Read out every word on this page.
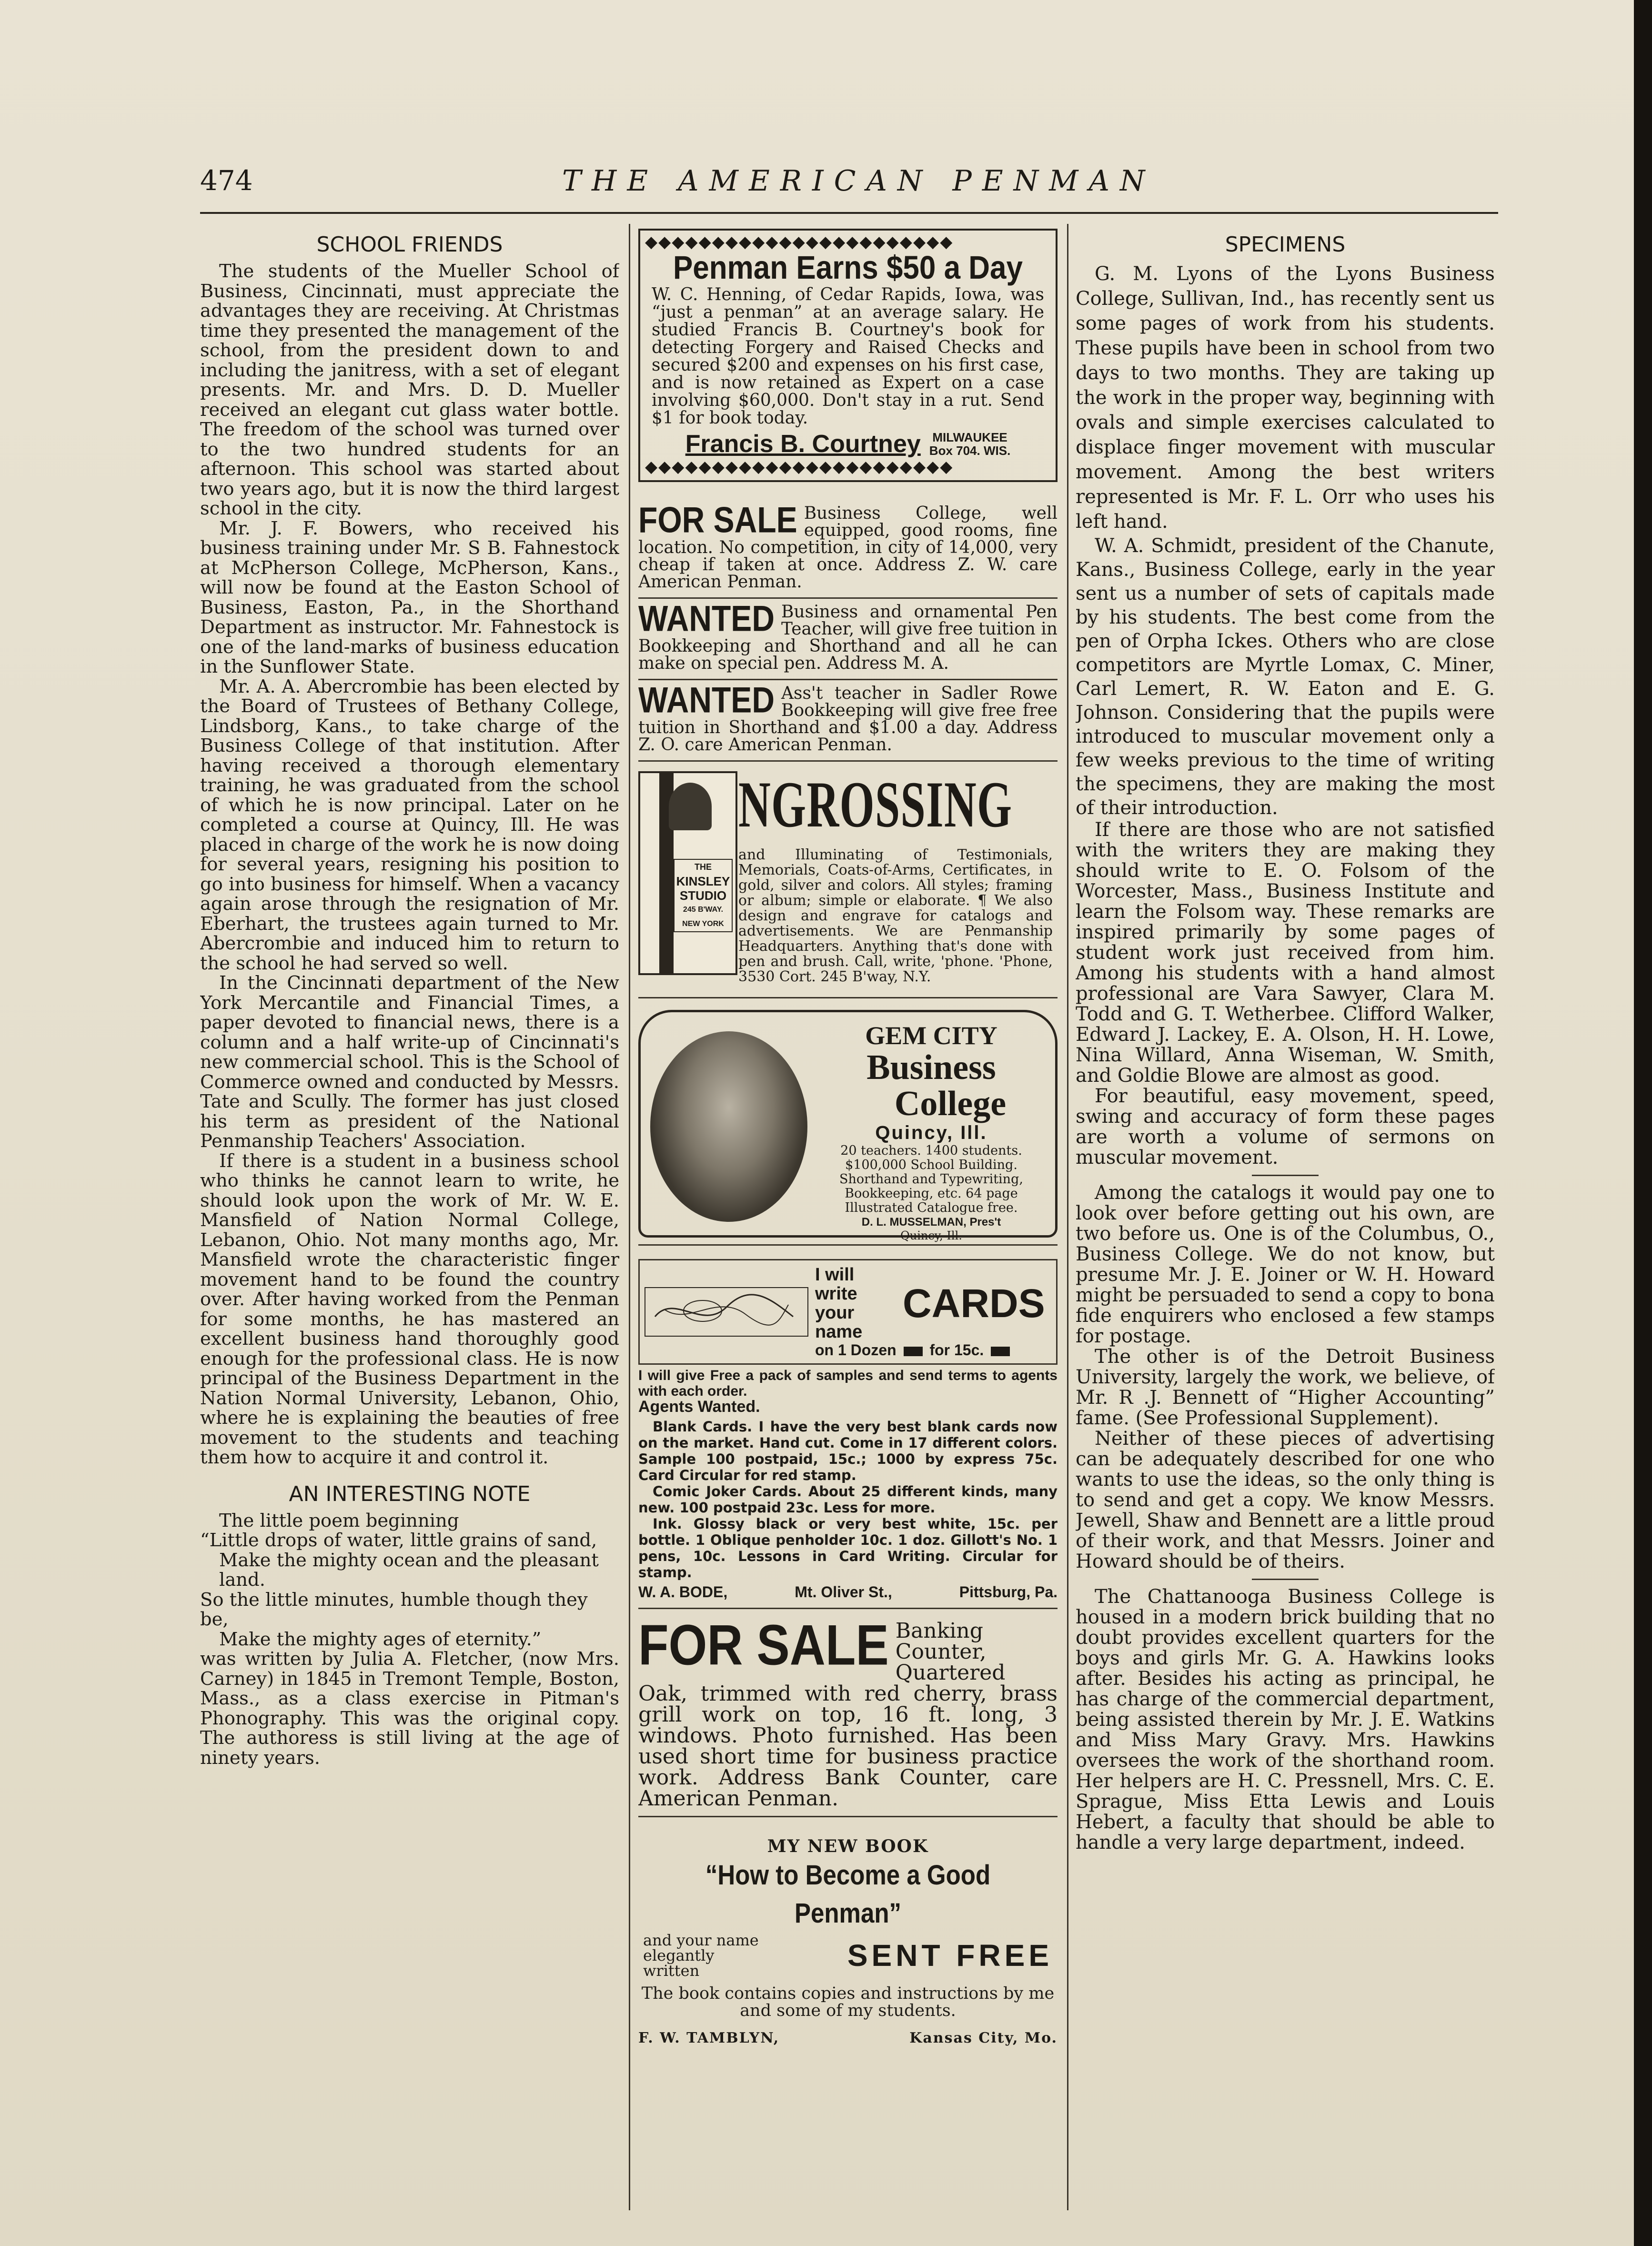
474	THE AMERICAN PENMAN
SCHOOL FRIENDS

The students of the Mueller School of Business, Cincinnati, must appreciate the advantages they are receiving. At Christmas time they presented the management of the school, from the president down to and including the janitress, with a set of elegant presents. Mr. and Mrs. D. D. Mueller received an elegant cut glass water bottle. The freedom of the school was turned over to the two hundred students for an afternoon. This school was started about two years ago, but it is now the third largest school in the city.

Mr. J. F. Bowers, who received his business training under Mr. S B. Fahnestock at McPherson College, McPherson, Kans., will now be found at the Easton School of Business, Easton, Pa., in the Shorthand Department as instructor. Mr. Fahnestock is one of the land-marks of business education in the Sunflower State.

Mr. A. A. Abercrombie has been elected by the Board of Trustees of Bethany College, Lindsborg, Kans., to take charge of the Business College of that institution. After having received a thorough elementary training, he was graduated from the school of which he is now principal. Later on he completed a course at Quincy, Ill. He was placed in charge of the work he is now doing for several years, resigning his position to go into business for himself. When a vacancy again arose through the resignation of Mr. Eberhart, the trustees again turned to Mr. Abercrombie and induced him to return to the school he had served so well.

In the Cincinnati department of the New York Mercantile and Financial Times, a paper devoted to financial news, there is a column and a half write-up of Cincinnati's new commercial school. This is the School of Commerce owned and conducted by Messrs. Tate and Scully. The former has just closed his term as president of the National Penmanship Teachers' Association.

If there is a student in a business school who thinks he cannot learn to write, he should look upon the work of Mr. W. E. Mansfield of Nation Normal College, Lebanon, Ohio. Not many months ago, Mr. Mansfield wrote the characteristic finger movement hand to be found the country over. After having worked from the Penman for some months, he has mastered an excellent business hand thoroughly good enough for the professional class. He is now principal of the Business Department in the Nation Normal University, Lebanon, Ohio, where he is explaining the beauties of free movement to the students and teaching them how to acquire it and control it.

AN INTERESTING NOTE

The little poem beginning

“Little drops of water, little grains of sand,
Make the mighty ocean and the pleasant land.
So the little minutes, humble though they be,
Make the mighty ages of eternity.”

was written by Julia A. Fletcher, (now Mrs. Carney) in 1845 in Tremont Temple, Boston, Mass., as a class exercise in Pitman's Phonography. This was the original copy. The authoress is still living at the age of ninety years.

◆◆◆◆◆◆◆◆◆◆◆◆◆◆◆◆◆◆◆◆◆◆◆
Penman Earns $50 a Day

W. C. Henning, of Cedar Rapids, Iowa, was “just a penman” at an average salary. He studied Francis B. Courtney's book for detecting Forgery and Raised Checks and secured $200 and expenses on his first case, and is now retained as Expert on a case involving $60,000. Don't stay in a rut. Send $1 for book today.

Francis B. Courtney MILWAUKEE
Box 704. WIS.
◆◆◆◆◆◆◆◆◆◆◆◆◆◆◆◆◆◆◆◆◆◆◆
FOR SALE Business College, well equipped, good rooms, fine location. No competition, in city of 14,000, very cheap if taken at once. Address Z. W. care American Penman.

WANTED Business and ornamental Pen Teacher, will give free tuition in Bookkeeping and Shorthand and all he can make on special pen. Address M. A.

WANTED Ass't teacher in Sadler Rowe Bookkeeping will give free free tuition in Shorthand and $1.00 a day. Address Z. O. care American Penman.

THE
KINSLEY
STUDIO
245 B'WAY.
NEW YORK
NGROSSING

and Illuminating of Testimonials, Memorials, Coats-of-Arms, Certificates, in gold, silver and colors. All styles; framing or album; simple or elaborate. ¶ We also design and engrave for catalogs and advertisements. We are Penmanship Headquarters. Anything that's done with pen and brush. Call, write, 'phone. 'Phone, 3530 Cort. 245 B'way, N.Y.

GEM CITY
Business
College
Quincy, Ill.
20 teachers. 1400 students. $100,000 School Building. Shorthand and Typewriting, Bookkeeping, etc. 64 page Illustrated Catalogue free.
D. L. MUSSELMAN, Pres't
Quincy, Ill.
I will write your name
CARDS
on 1 Dozen for 15c.

I will give Free a pack of samples and send terms to agents with each order.

Agents Wanted.

Blank Cards. I have the very best blank cards now on the market. Hand cut. Come in 17 different colors. Sample 100 postpaid, 15c.; 1000 by express 75c. Card Circular for red stamp.

Comic Joker Cards. About 25 different kinds, many new. 100 postpaid 23c. Less for more.

Ink. Glossy black or very best white, 15c. per bottle. 1 Oblique penholder 10c. 1 doz. Gillott's No. 1 pens, 10c. Lessons in Card Writing. Circular for stamp.

W. A. BODE,	Mt. Oliver St.,	Pittsburg, Pa.
FOR SALE Banking Counter, Quartered Oak, trimmed with red cherry, brass grill work on top, 16 ft. long, 3 windows. Photo furnished. Has been used short time for business practice work. Address Bank Counter, care American Penman.

MY NEW BOOK
“How to Become a Good Penman”
and your name elegantly written	SENT FREE

The book contains copies and instructions by me and some of my students.

F. W. TAMBLYN,	Kansas City, Mo.
SPECIMENS

G. M. Lyons of the Lyons Business College, Sullivan, Ind., has recently sent us some pages of work from his students. These pupils have been in school from two days to two months. They are taking up the work in the proper way, beginning with ovals and simple exercises calculated to displace finger movement with muscular movement. Among the best writers represented is Mr. F. L. Orr who uses his left hand.

W. A. Schmidt, president of the Chanute, Kans., Business College, early in the year sent us a number of sets of capitals made by his students. The best come from the pen of Orpha Ickes. Others who are close competitors are Myrtle Lomax, C. Miner, Carl Lemert, R. W. Eaton and E. G. Johnson. Considering that the pupils were introduced to muscular movement only a few weeks previous to the time of writing the specimens, they are making the most of their introduction.

If there are those who are not satisfied with the writers they are making they should write to E. O. Folsom of the Worcester, Mass., Business Institute and learn the Folsom way. These remarks are inspired primarily by some pages of student work just received from him. Among his students with a hand almost professional are Vara Sawyer, Clara M. Todd and G. T. Wetherbee. Clifford Walker, Edward J. Lackey, E. A. Olson, H. H. Lowe, Nina Willard, Anna Wiseman, W. Smith, and Goldie Blowe are almost as good.

For beautiful, easy movement, speed, swing and accuracy of form these pages are worth a volume of sermons on muscular movement.

Among the catalogs it would pay one to look over before getting out his own, are two before us. One is of the Columbus, O., Business College. We do not know, but presume Mr. J. E. Joiner or W. H. Howard might be persuaded to send a copy to bona fide enquirers who enclosed a few stamps for postage.

The other is of the Detroit Business University, largely the work, we believe, of Mr. R .J. Bennett of “Higher Accounting” fame. (See Professional Supplement).

Neither of these pieces of advertising can be adequately described for one who wants to use the ideas, so the only thing is to send and get a copy. We know Messrs. Jewell, Shaw and Bennett are a little proud of their work, and that Messrs. Joiner and Howard should be of theirs.

The Chattanooga Business College is housed in a modern brick building that no doubt provides excellent quarters for the boys and girls Mr. G. A. Hawkins looks after. Besides his acting as principal, he has charge of the commercial department, being assisted therein by Mr. J. E. Watkins and Miss Mary Gravy. Mrs. Hawkins oversees the work of the shorthand room. Her helpers are H. C. Pressnell, Mrs. C. E. Sprague, Miss Etta Lewis and Louis Hebert, a faculty that should be able to handle a very large department, indeed.
